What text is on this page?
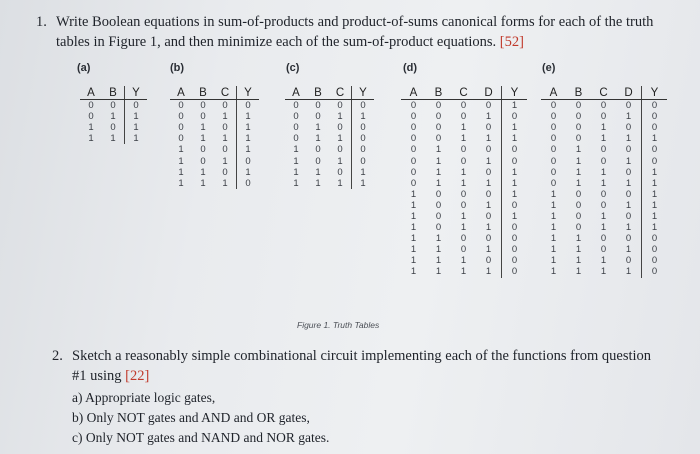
1. Write Boolean equations in sum-of-products and product-of-sums canonical forms for each of the truth tables in Figure 1, and then minimize each of the sum-of-product equations. [52]
(a)	(b)	(c)	(d)	(e)
A	B	Y
0	0	0
0	1	1
1	0	1
1	1	1
A	B	C	Y
0	0	0	0
0	0	1	1
0	1	0	1
0	1	1	1
1	0	0	1
1	0	1	0
1	1	0	1
1	1	1	0
A	B	C	Y
0	0	0	0
0	0	1	1
0	1	0	0
0	1	1	0
1	0	0	0
1	0	1	0
1	1	0	1
1	1	1	1
A	B	C	D	Y
0	0	0	0	1
0	0	0	1	0
0	0	1	0	1
0	0	1	1	1
0	1	0	0	0
0	1	0	1	0
0	1	1	0	1
0	1	1	1	1
1	0	0	0	1
1	0	0	1	0
1	0	1	0	1
1	0	1	1	0
1	1	0	0	0
1	1	0	1	0
1	1	1	0	0
1	1	1	1	0
A	B	C	D	Y
0	0	0	0	0
0	0	0	1	0
0	0	1	0	0
0	0	1	1	1
0	1	0	0	0
0	1	0	1	0
0	1	1	0	1
0	1	1	1	1
1	0	0	0	1
1	0	0	1	1
1	0	1	0	1
1	0	1	1	1
1	1	0	0	0
1	1	0	1	0
1	1	1	0	0
1	1	1	1	0
Figure 1. Truth Tables
2. Sketch a reasonably simple combinational circuit implementing each of the functions from question #1 using [22]
a) Appropriate logic gates,
b) Only NOT gates and AND and OR gates,
c) Only NOT gates and NAND and NOR gates.
